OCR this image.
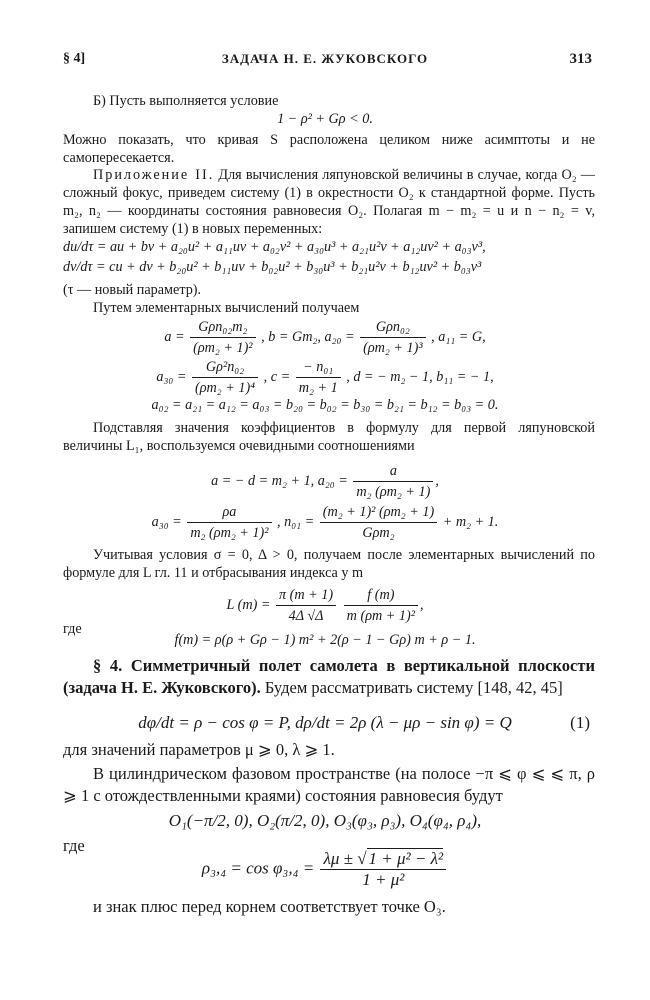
§ 4]	ЗАДАЧА Н. Е. ЖУКОВСКОГО	313
Б) Пусть выполняется условие
1 − ρ² + Gρ < 0.
Можно показать, что кривая S расположена целиком ниже асимптоты и не самопересекается.
Приложение II. Для вычисления ляпуновской величины в случае, когда O₂ — сложный фокус, приведем систему (1) в окрестности O₂ к стандартной форме. Пусть m₂, n₂ — координаты состояния равновесия O₂. Полагая m − m₂ = u и n − n₂ = v, запишем систему (1) в новых переменных:
du/dτ = au + bv + a₂₀u² + a₁₁uv + a₀₂v² + a₃₀u³ + a₂₁u²v + a₁₂uv² + a₀₃v³,
dv/dτ = cu + dv + b₂₀u² + b₁₁uv + b₀₂u² + b₃₀u³ + b₂₁u²v + b₁₂uv² + b₀₃v³
(τ — новый параметр).
Путем элементарных вычислений получаем
$a = \frac{\text{Gρn₀₂m₂}}{\text{(ρm₂ + 1)²}}$ , b = Gm₂, $a_{20} = \frac{\text{Gρn₀₂}}{\text{(ρm₂ + 1)³}}$ , a₁₁ = G,
$a_{30} = \frac{\text{Gρ²n₀₂}}{\text{(ρm₂ + 1)⁴}}$ , $c = \frac{\text{− n₀₁}}{\text{m₂ + 1}}$ , d = − m₂ − 1, b₁₁ = − 1,
a₀₂ = a₂₁ = a₁₂ = a₀₃ = b₂₀ = b₀₂ = b₃₀ = b₂₁ = b₁₂ = b₀₃ = 0.
Подставляя значения коэффициентов в формулу для первой ляпуновской величины L₁, воспользуемся очевидными соотношениями
a = − d = m₂ + 1, $a_{20} = \frac{a}{\text{m₂ (ρm₂ + 1)}}$ ,
$a_{30} = \frac{\rho a}{\text{m₂ (ρm₂ + 1)²}}$ , $n_{01} = \frac{\text{(m₂ + 1)² (ρm₂ + 1)}}{\text{Gρm₂}} + m_2 + 1$.
Учитывая условия σ = 0, Δ > 0, получаем после элементарных вычислений по формуле для L гл. 11 и отбрасывания индекса у m
L $(m) = \frac{\pi (m + 1)}{4\Delta √\Delta}$
$\frac{f (m)}{\text{m (ρm + 1)²}}$ ,
где
f(m) = ρ(ρ + Gρ − 1) m² + 2(ρ − 1 − Gρ) m + ρ − 1.
§ 4. Симметричный полет самолета в вертикальной плоскости (задача Н. Е. Жуковского). Будем рассматривать систему [148, 42, 45]
dφ/dt = ρ − cos φ = P, dρ/dt = 2ρ (λ − μρ − sin φ) = Q	(1)
для значений параметров μ ⩾ 0, λ ⩾ 1.
В цилиндрическом фазовом пространстве (на полосе −π ⩽ φ ⩽ ⩽ π, ρ ⩾ 1 с отождествленными краями) состояния равновесия будут
O₁(−π/2, 0), O₂(π/2, 0), O₃(φ₃, ρ₃), O₄(φ₄, ρ₄),
где
$\rho_3,_4 = \cos \varphi_3,_4 = \frac{\text{λμ ± √ 1 + μ² − λ²}}{\text{1 + μ²}}$
и знак плюс перед корнем соответствует точке O₃.
